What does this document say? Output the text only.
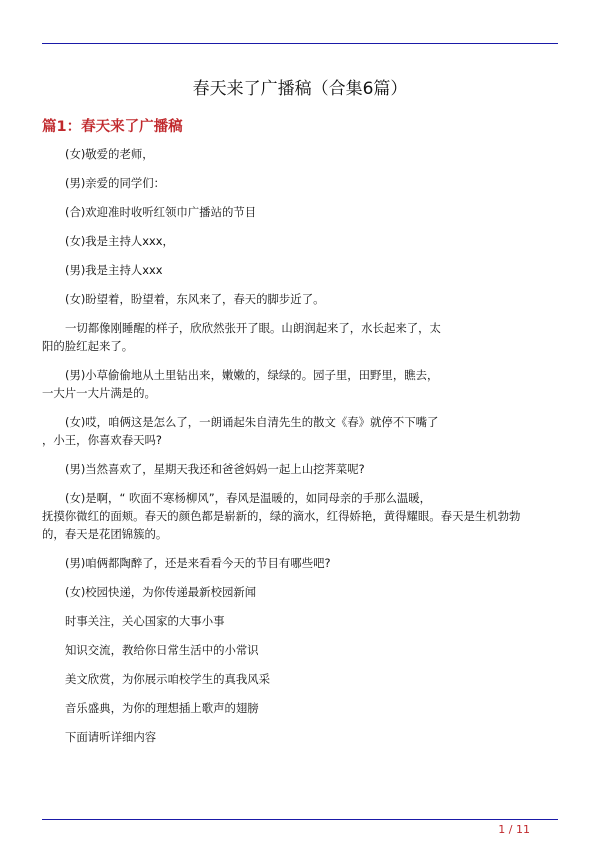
春天来了广播稿（合集6篇）
篇1：春天来了广播稿

(女)敬爱的老师，

(男)亲爱的同学们：

(合)欢迎准时收听红领巾广播站的节目

(女)我是主持人xxx，

(男)我是主持人xxx

(女)盼望着，盼望着，东风来了，春天的脚步近了。

一切都像刚睡醒的样子，欣欣然张开了眼。山朗润起来了，水长起来了，太
阳的脸红起来了。

(男)小草偷偷地从土里钻出来，嫩嫩的，绿绿的。园子里，田野里，瞧去，
一大片一大片满是的。

(女)哎，咱俩这是怎么了，一朗诵起朱自清先生的散文《春》就停不下嘴了
，小王，你喜欢春天吗?

(男)当然喜欢了，星期天我还和爸爸妈妈一起上山挖荠菜呢?

(女)是啊，“ 吹面不寒杨柳风”，春风是温暖的，如同母亲的手那么温暖，
抚摸你微红的面颊。春天的颜色都是崭新的，绿的滴水，红得娇艳，黄得耀眼。春天是生机勃勃
的，春天是花团锦簇的。

(男)咱俩都陶醉了，还是来看看今天的节目有哪些吧?

(女)校园快递，为你传递最新校园新闻

时事关注，关心国家的大事小事

知识交流，教给你日常生活中的小常识

美文欣赏，为你展示咱校学生的真我风采

音乐盛典，为你的理想插上歌声的翅膀

下面请听详细内容

1 / 11
